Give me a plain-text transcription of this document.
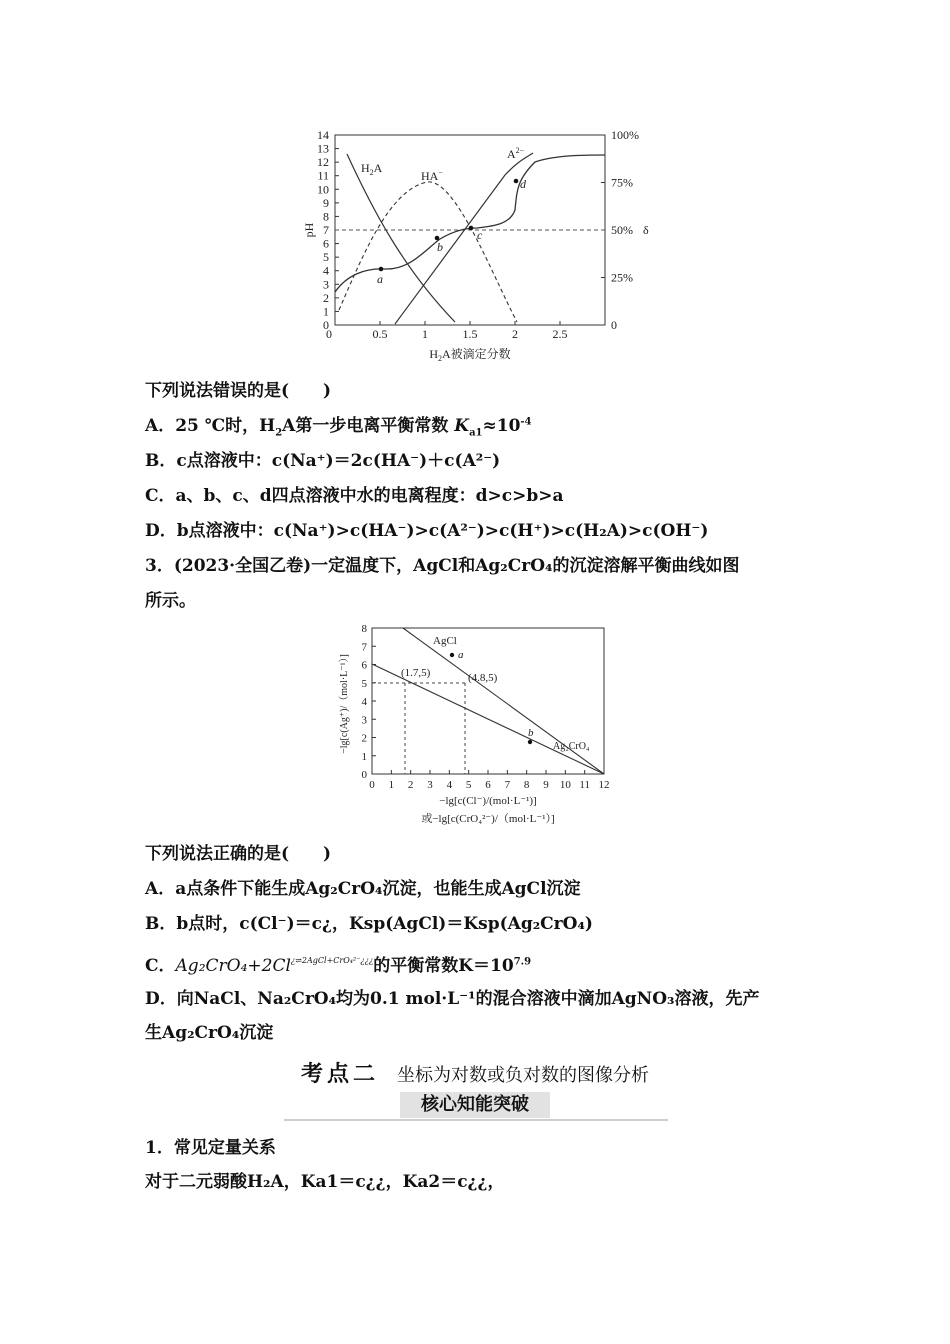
0
1
2
3
4
5
6
7
8
9
10
11
12
13
14
0
25%
50%
75%
100%
0	0.5	1	1.5	2	2.5
a
b
c
d
$H_2A$
HA−
$A^{2-}$
pH	δ
$H_2A$被滴定分数
下列说法错误的是(　　)
A．25 ℃时，$H_2A$第一步电离平衡常数 $K_{a1}\approx 10^{-4}$
B．c点溶液中：c(Na⁺)＝2c(HA⁻)＋c(A²⁻)
C．a、b、c、d四点溶液中水的电离程度：d>c>b>a
D．b点溶液中：c(Na⁺)>c(HA⁻)>c(A²⁻)>c(H⁺)>c(H₂A)>c(OH⁻)
3．(2023·全国乙卷)一定温度下，AgCl和Ag₂CrO₄的沉淀溶解平衡曲线如图
所示。
0
1
2
3
4
5
6
7
8
0 1 2 3 4 5 6 7 8 9 10 11 12
a
b
AgCl
Ag₂CrO₄
(1.7,5)	(4.8,5)
−lg[c(Ag⁺)/（mol·L⁻¹）]
−lg[c(Cl⁻)/(mol·L⁻¹)]
或−lg[c(CrO₄²⁻)/（mol·L⁻¹）]
下列说法正确的是(　　)
A．a点条件下能生成Ag₂CrO₄沉淀，也能生成AgCl沉淀
B．b点时，c(Cl⁻)＝c¿，Ksp(AgCl)＝Ksp(Ag₂CrO₄)
C．$Ag_2CrO_4+2Cl^{¿\rightleftharpoons 2AgCl+CrO_4^{2-}¿¿¿}$的平衡常数$K=10^{7.9}$
D．向NaCl、Na₂CrO₄均为0.1 mol·L⁻¹的混合溶液中滴加AgNO₃溶液，先产
生Ag₂CrO₄沉淀
考点二 坐标为对数或负对数的图像分析
核心知能突破
1．常见定量关系
对于二元弱酸H₂A，Ka1＝c¿¿，Ka2＝c¿¿，
